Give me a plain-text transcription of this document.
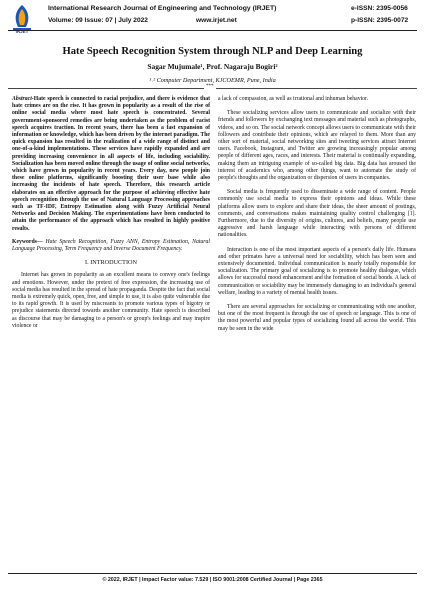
IRJET
International Research Journal of Engineering and Technology (IRJET)	e-ISSN: 2395-0056
Volume: 09 Issue: 07 | July 2022	www.irjet.net	p-ISSN: 2395-0072
Hate Speech Recognition System through NLP and Deep Learning
Sagar Mujumale¹, Prof. Nagaraju Bogiri²
¹˒² Computer Department, KJCOEMR, Pune, India
***

Abstract-Hate speech is connected to racial prejudice, and there is evidence that hate crimes are on the rise. It has grown in popularity as a result of the rise of online social media where most hate speech is concentrated. Several government-sponsored remedies are being undertaken as the problem of racist speech acquires traction. In recent years, there has been a fast expansion of information or knowledge, which has been driven by the internet paradigm. The quick expansion has resulted in the realization of a wide range of distinct and one-of-a-kind implementations. These services have rapidly expanded and are providing increasing convenience in all aspects of life, including sociability. Socialization has been moved online through the usage of online social networks, which have grown in popularity in recent years. Every day, new people join these online platforms, significantly boosting their user base while also increasing the incidents of hate speech. Therefore, this research article elaborates on an effective approach for the purpose of achieving effective hate speech recognition through the use of Natural Language Processing approaches such as TF-IDF, Entropy Estimation along with Fuzzy Artificial Neural Networks and Decision Making. The experimentations have been conducted to attain the performance of the approach which has resulted in highly positive results.

Keywords— Hate Speech Recognition, Fuzzy ANN, Entropy Estimation, Natural Language Processing, Term Frequency and Inverse Document Frequency.

I. INTRODUCTION

Internet has grown in popularity as an excellent means to convey one's feelings and emotions. However, under the pretext of free expression, the increasing use of social media has resulted in the spread of hate propaganda. Despite the fact that social media is extremely quick, open, free, and simple to use, it is also quite vulnerable due to its rapid growth. It is used by miscreants to promote various types of bigotry or prejudice statements directed towards another community. Hate speech is described as discourse that may be damaging to a person's or group's feelings and may inspire violence or

a lack of compassion, as well as irrational and inhuman behavior.

These socializing services allow users to communicate and socialize with their friends and followers by exchanging text messages and material such as photographs, videos, and so on. The social network concept allows users to communicate with their followers and contribute their opinions, which are relayed to them. More than any other sort of material, social networking sites and tweeting services attract Internet users. Facebook, Instagram, and Twitter are growing increasingly popular among people of different ages, races, and interests. Their material is continually expanding, making them an intriguing example of so-called big data. Big data has aroused the interest of academics who, among other things, want to automate the study of people's thoughts and the organization or dispersion of users in companies.

Social media is frequently used to disseminate a wide range of content. People commonly use social media to express their opinions and ideas. While these platforms allow users to explore and share their ideas, the sheer amount of postings, comments, and conversations makes maintaining quality control challenging [1]. Furthermore, due to the diversity of origins, cultures, and beliefs, many people use aggressive and harsh language while interacting with persons of different nationalities.

Interaction is one of the most important aspects of a person's daily life. Humans and other primates have a universal need for sociability, which has been seen and extensively documented. Individual communication is nearly totally responsible for socialization. The primary goal of socializing is to promote healthy dialogue, which allows for successful mood enhancement and the formation of social bonds. A lack of communication or sociability may be immensely damaging to an individual's general welfare, leading to a variety of mental health issues.

There are several approaches for socializing or communicating with one another, but one of the most frequent is through the use of speech or language. This is one of the most powerful and popular types of socializing found all across the world. This may be seen in the wide

© 2022, IRJET | Impact Factor value: 7.529 | ISO 9001:2008 Certified Journal | Page 2365
